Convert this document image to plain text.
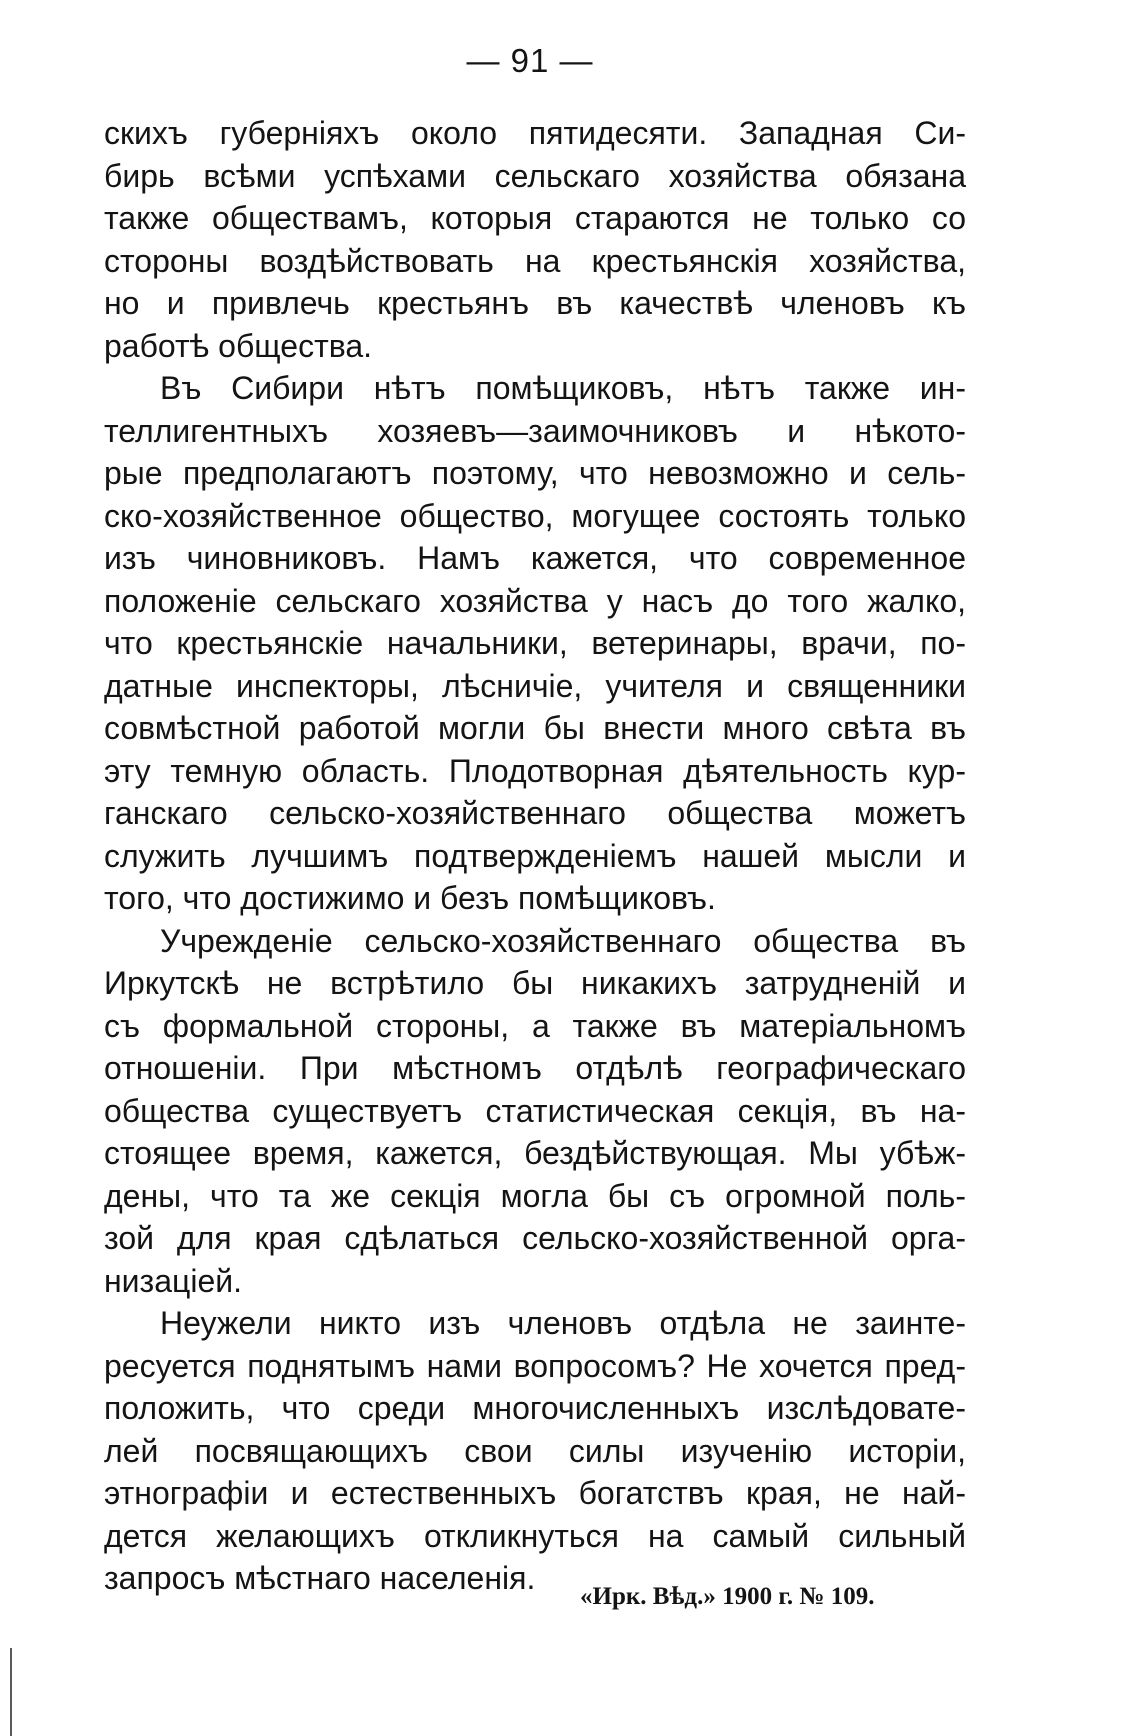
— 91 —

скихъ губерніяхъ около пятидесяти. Западная Си-
бирь всѣми успѣхами сельскаго хозяйства обязана
также обществамъ, которыя стараются не только со
стороны воздѣйствовать на крестьянскія хозяйства,
но и привлечь крестьянъ въ качествѣ членовъ къ
работѣ общества.

Въ Сибири нѣтъ помѣщиковъ, нѣтъ также ин-
теллигентныхъ хозяевъ—заимочниковъ и нѣкото-
рые предполагаютъ поэтому, что невозможно и сель-
ско-хозяйственное общество, могущее состоять только
изъ чиновниковъ. Намъ кажется, что современное
положеніе сельскаго хозяйства у насъ до того жалко,
что крестьянскіе начальники, ветеринары, врачи, по-
датные инспекторы, лѣсничіе, учителя и священники
совмѣстной работой могли бы внести много свѣта въ
эту темную область. Плодотворная дѣятельность кур-
ганскаго сельско-хозяйственнаго общества можетъ
служить лучшимъ подтвержденіемъ нашей мысли и
того, что достижимо и безъ помѣщиковъ.

Учрежденіе сельско-хозяйственнаго общества въ
Иркутскѣ не встрѣтило бы никакихъ затрудненій и
съ формальной стороны, а также въ матеріальномъ
отношеніи. При мѣстномъ отдѣлѣ географическаго
общества существуетъ статистическая секція, въ на-
стоящее время, кажется, бездѣйствующая. Мы убѣж-
дены, что та же секція могла бы съ огромной поль-
зой для края сдѣлаться сельско-хозяйственной орга-
низаціей.

Неужели никто изъ членовъ отдѣла не заинте-
ресуется поднятымъ нами вопросомъ? Не хочется пред-
положить, что среди многочисленныхъ изслѣдовате-
лей посвящающихъ свои силы изученію исторіи,
этнографіи и естественныхъ богатствъ края, не най-
дется желающихъ откликнуться на самый сильный
запросъ мѣстнаго населенія.

«Ирк. Вѣд.» 1900 г. № 109.
